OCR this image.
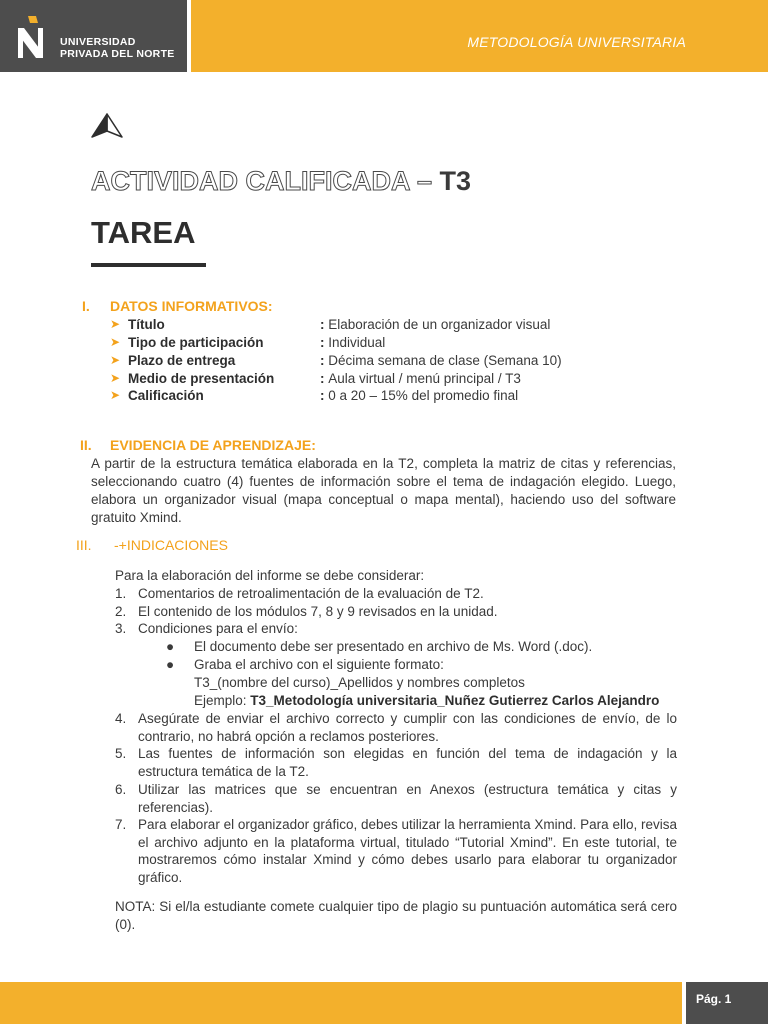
UNIVERSIDAD
PRIVADA DEL NORTE
METODOLOGÍA UNIVERSITARIA
ACTIVIDAD CALIFICADA – T3
TAREA
I. DATOS INFORMATIVOS:
➤ Título	: Elaboración de un organizador visual
➤ Tipo de participación	: Individual
➤ Plazo de entrega	: Décima semana de clase (Semana 10)
➤ Medio de presentación	: Aula virtual / menú principal / T3
➤ Calificación	: 0 a 20 – 15% del promedio final
II. EVIDENCIA DE APRENDIZAJE:
A partir de la estructura temática elaborada en la T2, completa la matriz de citas y referencias, seleccionando cuatro (4) fuentes de información sobre el tema de indagación elegido. Luego, elabora un organizador visual (mapa conceptual o mapa mental), haciendo uso del software gratuito Xmind.
III. -+INDICACIONES
Para la elaboración del informe se debe considerar:
1. Comentarios de retroalimentación de la evaluación de T2.
2. El contenido de los módulos 7, 8 y 9 revisados en la unidad.
3. Condiciones para el envío:
● El documento debe ser presentado en archivo de Ms. Word (.doc).
● Graba el archivo con el siguiente formato:
T3_(nombre del curso)_Apellidos y nombres completos
Ejemplo: T3_Metodología universitaria_Nuñez Gutierrez Carlos Alejandro
4. Asegúrate de enviar el archivo correcto y cumplir con las condiciones de envío, de lo contrario, no habrá opción a reclamos posteriores.
5. Las fuentes de información son elegidas en función del tema de indagación y la estructura temática de la T2.
6. Utilizar las matrices que se encuentran en Anexos (estructura temática y citas y referencias).
7. Para elaborar el organizador gráfico, debes utilizar la herramienta Xmind. Para ello, revisa el archivo adjunto en la plataforma virtual, titulado “Tutorial Xmind”. En este tutorial, te mostraremos cómo instalar Xmind y cómo debes usarlo para elaborar tu organizador gráfico.
NOTA: Si el/la estudiante comete cualquier tipo de plagio su puntuación automática será cero (0).
Pág. 1
